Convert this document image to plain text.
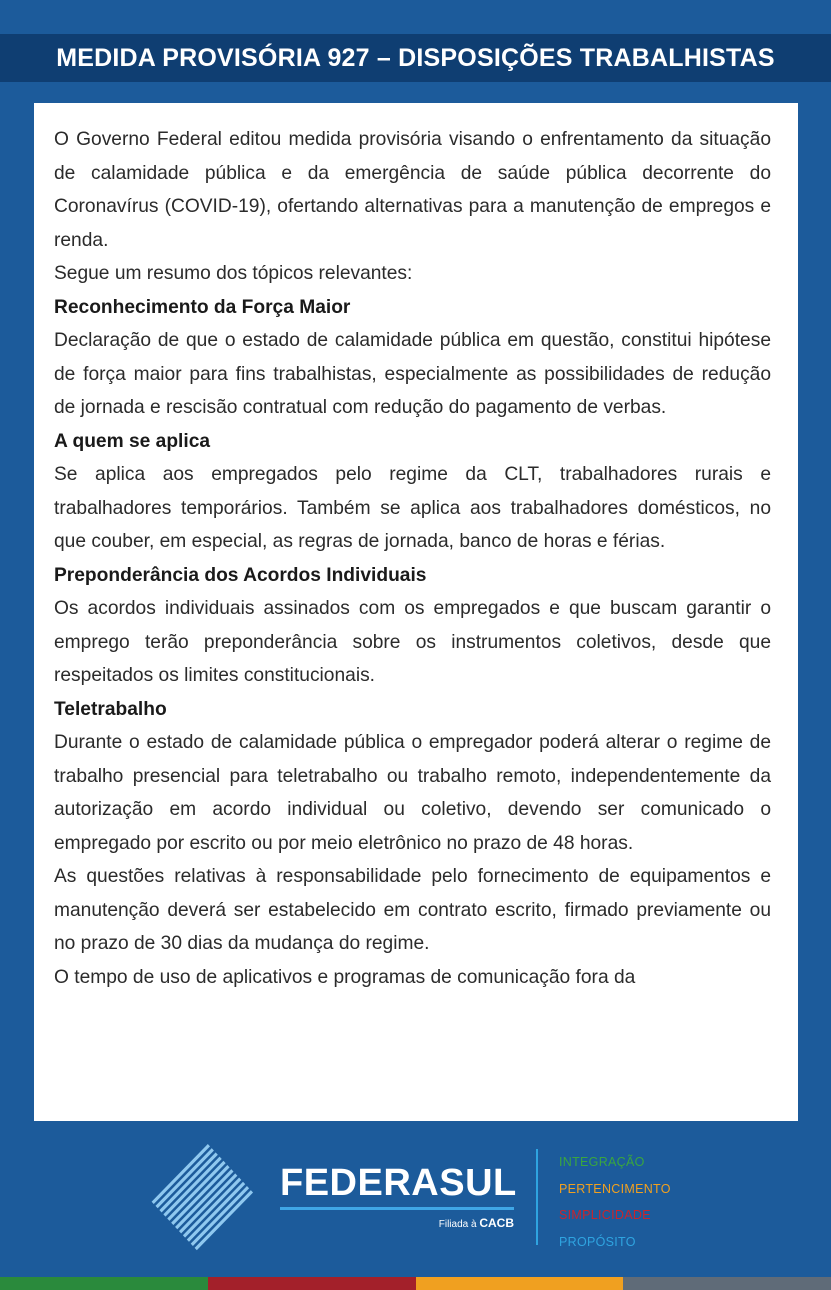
MEDIDA PROVISÓRIA 927 – DISPOSIÇÕES TRABALHISTAS

O Governo Federal editou medida provisória visando o enfrentamento da situação de calamidade pública e da emergência de saúde pública decorrente do Coronavírus (COVID-19), ofertando alternativas para a manutenção de empregos e renda.

Segue um resumo dos tópicos relevantes:

Reconhecimento da Força Maior

Declaração de que o estado de calamidade pública em questão, constitui hipótese de força maior para fins trabalhistas, especialmente as possibilidades de redução de jornada e rescisão contratual com redução do pagamento de verbas.

A quem se aplica

Se aplica aos empregados pelo regime da CLT, trabalhadores rurais e trabalhadores temporários. Também se aplica aos trabalhadores domésticos, no que couber, em especial, as regras de jornada, banco de horas e férias.

Preponderância dos Acordos Individuais

Os acordos individuais assinados com os empregados e que buscam garantir o emprego terão preponderância sobre os instrumentos coletivos, desde que respeitados os limites constitucionais.

Teletrabalho

Durante o estado de calamidade pública o empregador poderá alterar o regime de trabalho presencial para teletrabalho ou trabalho remoto, independentemente da autorização em acordo individual ou coletivo, devendo ser comunicado o empregado por escrito ou por meio eletrônico no prazo de 48 horas.

As questões relativas à responsabilidade pelo fornecimento de equipamentos e manutenção deverá ser estabelecido em contrato escrito, firmado previamente ou no prazo de 30 dias da mudança do regime.

O tempo de uso de aplicativos e programas de comunicação fora da

FEDERASUL
Filiada à CACB
INTEGRAÇÃO
PERTENCIMENTO
SIMPLICIDADE
PROPÓSITO
